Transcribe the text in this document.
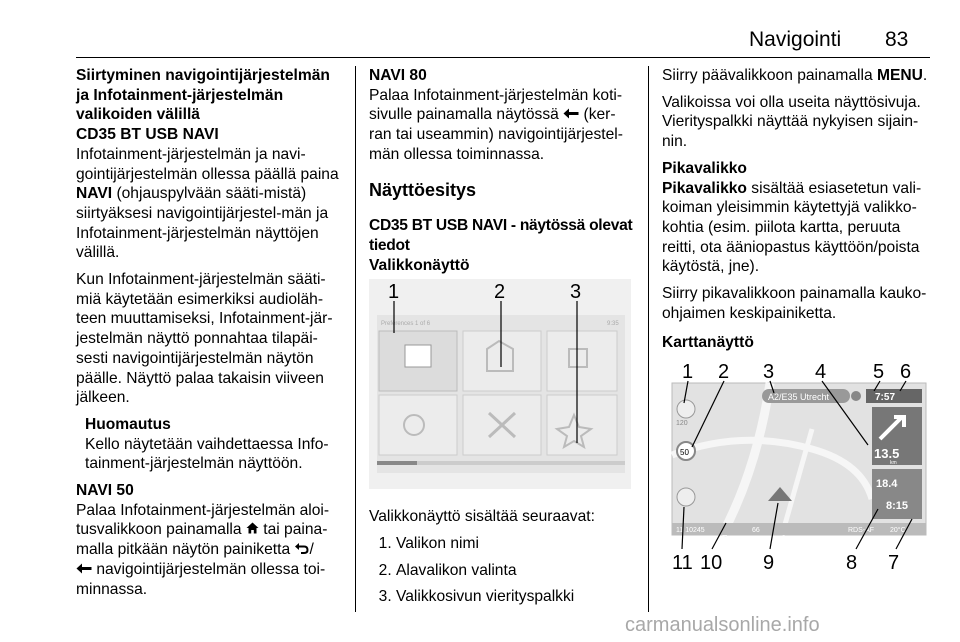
Navigointi 83
Siirtyminen navigointijärjestelmän ja Infotainment-järjestelmän valikoiden välillä
CD35 BT USB NAVI

Infotainment-järjestelmän ja navi-gointijärjestelmän ollessa päällä paina NAVI (ohjauspylvään sääti-mistä) siirtyäksesi navigointijärjestel-män ja Infotainment-järjestelmän näyttöjen välillä.

Kun Infotainment-järjestelmän sääti-miä käytetään esimerkiksi audioläh-teen muuttamiseksi, Infotainment-jär-jestelmän näyttö ponnahtaa tilapäi-sesti navigointijärjestelmän näytön päälle. Näyttö palaa takaisin viiveen jälkeen.

Huomautus
Kello näytetään vaihdettaessa Info-tainment-järjestelmän näyttöön.
NAVI 50

Palaa Infotainment-järjestelmän aloi-tusvalikkoon painamalla  tai paina-malla pitkään näytön painiketta /
navigointijärjestelmän ollessa toi-minnassa.

NAVI 80

Palaa Infotainment-järjestelmän koti-sivulle painamalla näytössä  (ker-ran tai useammin) navigointijärjestel-män ollessa toiminnassa.

Näyttöesitys
CD35 BT USB NAVI - näytössä olevat tiedot
Valikkonäyttö
Preferences 1 of 6	9:35
1	2	3

Valikkonäyttö sisältää seuraavat:

1. Valikon nimi
2. Alavalikon valinta
3. Valikkosivun vierityspalkki

Siirry päävalikkoon painamalla MENU.

Valikoissa voi olla useita näyttösivuja. Vierityspalkki näyttää nykyisen sijain-nin.

Pikavalikko

Pikavalikko sisältää esiasetetun vali-koiman yleisimmin käytettyjä valikko-kohtia (esim. piilota kartta, peruuta reitti, ota ääniopastus käyttöön/poista käytöstä, jne).

Siirry pikavalikkoon painamalla kauko-ohjaimen keskipainiketta.

Karttanäyttö
A2/E35 Utrecht	7:57
13.5
km
18.4
8:15
50
120
11 10245	66	RDS-AF 20°C
1 2 3 4 5 6
11 10 9	8 7
carmanualsonline.info
